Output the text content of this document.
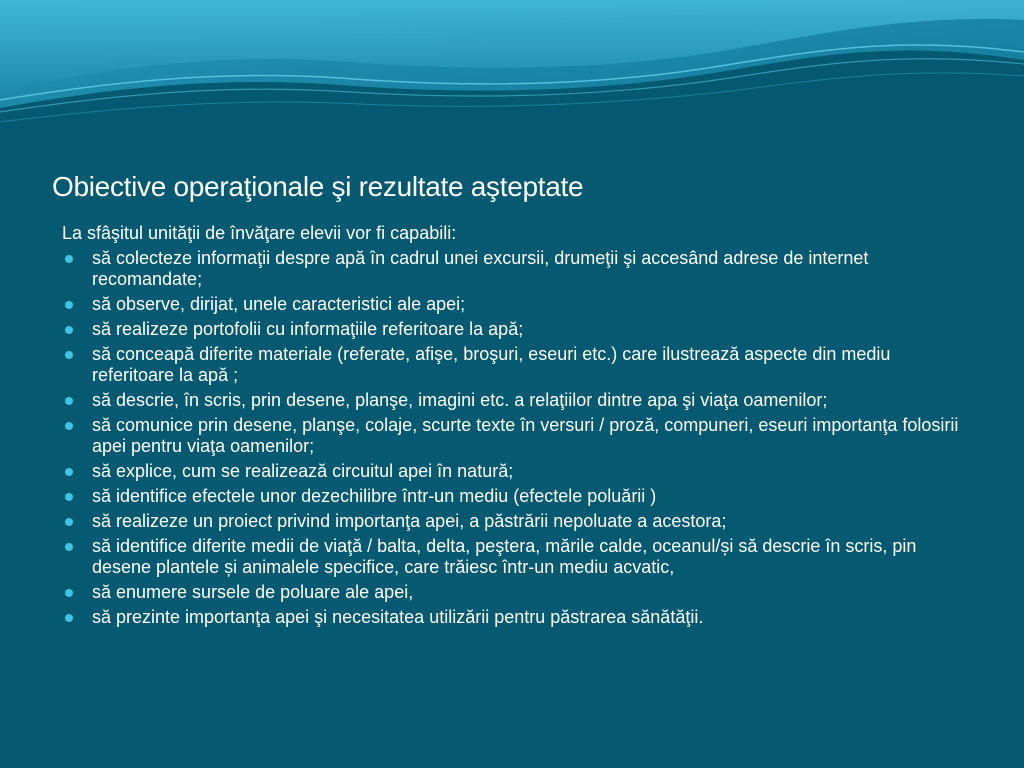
Obiective operaţionale şi rezultate aşteptate

La sfâşitul unităţii de învăţare elevii vor fi capabili:

să colecteze informaţii despre apă în cadrul unei excursii, drumeţii şi accesând adrese de internet recomandate;
să observe, dirijat, unele caracteristici ale apei;
să realizeze portofolii cu informaţiile referitoare la apă;
să conceapă diferite materiale (referate, afişe, broşuri, eseuri etc.) care ilustrează aspecte din mediu referitoare la apă ;
să descrie, în scris, prin desene, planşe, imagini etc. a relaţiilor dintre apa şi viaţa oamenilor;
să comunice prin desene, planşe, colaje, scurte texte în versuri / proză, compuneri, eseuri importanţa folosirii apei pentru viaţa oamenilor;
să explice, cum se realizează circuitul apei în natură;
să identifice efectele unor dezechilibre într-un mediu (efectele poluării )
să realizeze un proiect privind importanţa apei, a păstrării nepoluate a acestora;
să identifice diferite medii de viaţă / balta, delta, peştera, mările calde, oceanul/și să descrie în scris, pin desene plantele și animalele specifice, care trăiesc într-un mediu acvatic,
să enumere sursele de poluare ale apei,
să prezinte importanţa apei şi necesitatea utilizării pentru păstrarea sănătăţii.
